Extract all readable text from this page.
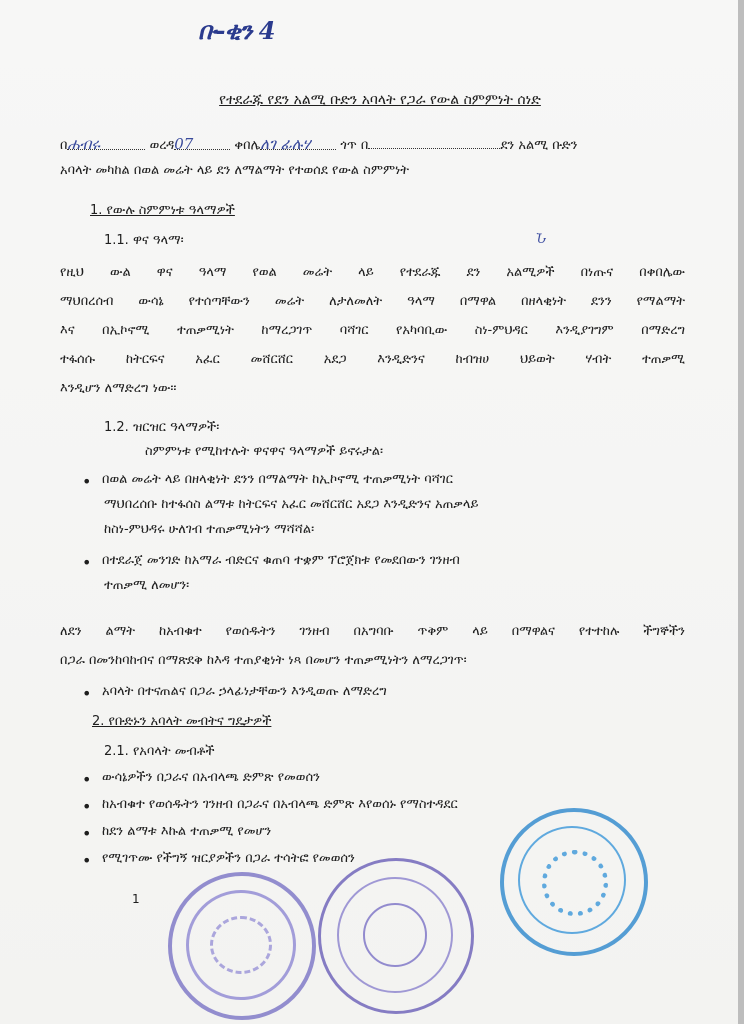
ቡ-ቂን 4
የተደራጁ የደን አልሚ ቡድን አባላት የጋራ የውል ስምምነት ሰነድ
በሐብሩ	ወረዳ07	ቀበሌለገ ፊሉሃ ጎጥ በ	ደን አልሚ ቡድን
አባላት መካከል በወል መሬት ላይ ደን ለማልማት የተወሰደ የውል ስምምነት
1. የውሉ ስምምነቱ ዓላማዎች
1.1. ዋና ዓላማ፡	Ն
የዚህ ውል ዋና ዓላማ የወል መሬት ላይ የተደራጁ ደን አልሚዎች በነጡና በቀበሌው
ማህበረሰብ ውሳኔ የተሰጣቸውን መሬት ለታለመለት ዓላማ በማዋል በዘላቂነት ደንን የማልማት
እና በኢኮኖሚ ተጠቃሚነት ከማረጋገጥ ባሻገር የአካባቢው ስነ-ምህዳር እንዲያገግም በማድረግ
ተፋሰሱ ከትርፍና አፈር መሸርሸር አደጋ እንዲድንና ከብዝሀ ህይወት ሃብት ተጠቃሚ
እንዲሆን ለማድረግ ነው፡፡
1.2. ዝርዝር ዓላማዎች፡
ስምምነቱ የሚከተሉት ዋናዋና ዓላማዎች ይኖሩታል፡
• በወል መሬት ላይ በዘላቂነት ደንን በማልማት ከኢኮኖሚ ተጠቃሚነት ባሻገር
ማህበረሰቡ ከተፋሰስ ልማቱ ከትርፍና አፈር መሸርሸር አደጋ እንዲድንና አጠቃላይ
ከስነ-ምህዳሩ ሁለገብ ተጠቃሚነትን ማሻሻል፡
• በተደራጀ መንገድ ከአማራ ብድርና ቁጠባ ተቋም ፕሮጀክቱ የመደበውን ገንዘብ
ተጠቃሚ ለመሆን፡
ለደን ልማት ከአብቁተ የወሰዱትን ገንዘብ በአግባቡ ጥቅም ላይ በማዋልና የተተከሉ ችግኞችን
በጋራ በመንከባከብና በማጽደቅ ከእዳ ተጠያቂነት ነጻ በመሆን ተጠቃሚነትን ለማረጋገጥ፡
• አባላት በተናጠልና በጋራ ኃላፊነታቸውን እንዲወጡ ለማድረግ
2. የቡድኑን አባላት መብትና ግዴታዎች
2.1. የአባላት መብቶች
• ውሳኔዎችን በጋራና በአብላጫ ድምጽ የመወሰን
• ከአብቁተ የወሰዱትን ገንዘብ በጋራና በአብላጫ ድምጽ እየወሰኑ የማስተዳደር
• ከደን ልማቱ እኩል ተጠቃሚ የመሆን
• የሚገጥሙ የችግኝ ዝርያዎችን በጋራ ተሳትፎ የመወሰን
1
